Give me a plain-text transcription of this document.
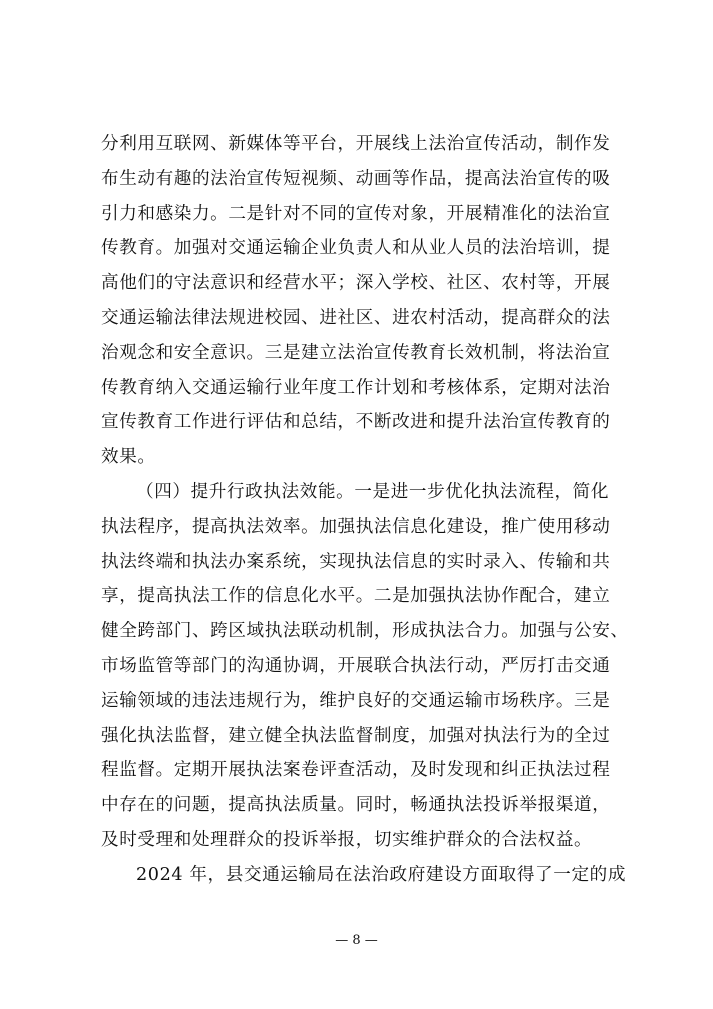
分利用互联网、新媒体等平台，开展线上法治宣传活动，制作发
布生动有趣的法治宣传短视频、动画等作品，提高法治宣传的吸
引力和感染力。二是针对不同的宣传对象，开展精准化的法治宣
传教育。加强对交通运输企业负责人和从业人员的法治培训，提
高他们的守法意识和经营水平；深入学校、社区、农村等，开展
交通运输法律法规进校园、进社区、进农村活动，提高群众的法
治观念和安全意识。三是建立法治宣传教育长效机制，将法治宣
传教育纳入交通运输行业年度工作计划和考核体系，定期对法治
宣传教育工作进行评估和总结，不断改进和提升法治宣传教育的
效果。
（四）提升行政执法效能。一是进一步优化执法流程，简化
执法程序，提高执法效率。加强执法信息化建设，推广使用移动
执法终端和执法办案系统，实现执法信息的实时录入、传输和共
享，提高执法工作的信息化水平。二是加强执法协作配合，建立
健全跨部门、跨区域执法联动机制，形成执法合力。加强与公安、
市场监管等部门的沟通协调，开展联合执法行动，严厉打击交通
运输领域的违法违规行为，维护良好的交通运输市场秩序。三是
强化执法监督，建立健全执法监督制度，加强对执法行为的全过
程监督。定期开展执法案卷评查活动，及时发现和纠正执法过程
中存在的问题，提高执法质量。同时，畅通执法投诉举报渠道，
及时受理和处理群众的投诉举报，切实维护群众的合法权益。
2024 年，县交通运输局在法治政府建设方面取得了一定的成
— 8 —
